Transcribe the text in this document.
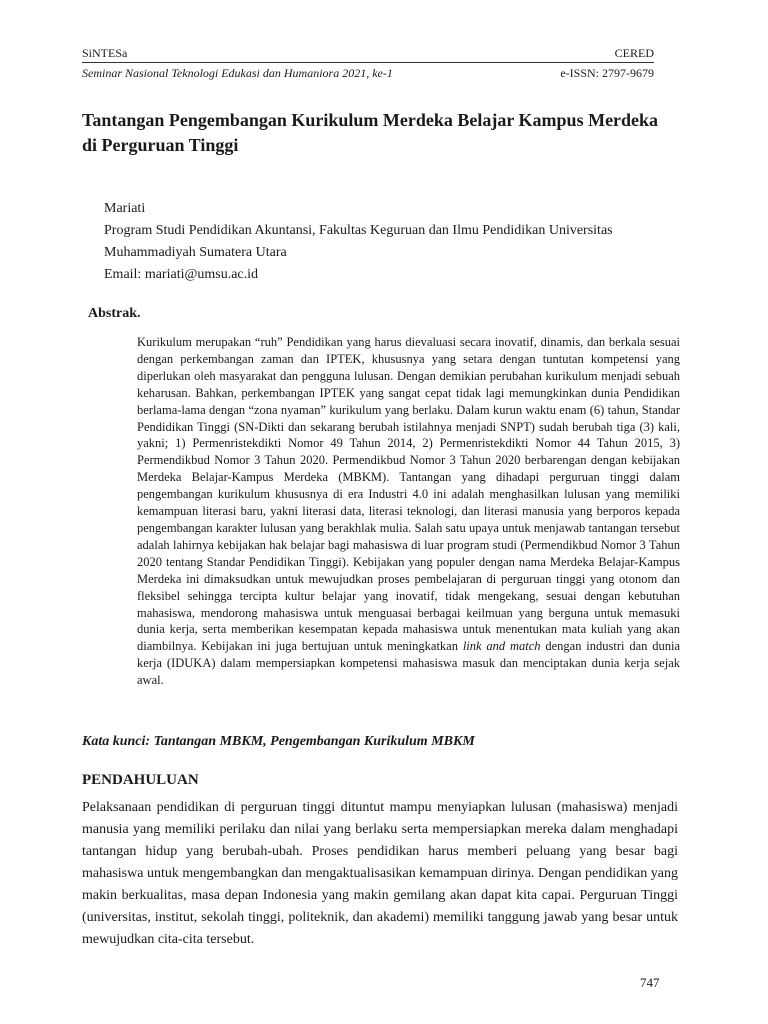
SiNTESa	CERED
Seminar Nasional Teknologi Edukasi dan Humaniora 2021, ke-1	e-ISSN: 2797-9679
Tantangan Pengembangan Kurikulum Merdeka Belajar Kampus Merdeka di Perguruan Tinggi
Mariati
Program Studi Pendidikan Akuntansi, Fakultas Keguruan dan Ilmu Pendidikan Universitas
Muhammadiyah Sumatera Utara
Email: mariati@umsu.ac.id
Abstrak.

Kurikulum merupakan “ruh” Pendidikan yang harus dievaluasi secara inovatif, dinamis, dan berkala sesuai dengan perkembangan zaman dan IPTEK, khususnya yang setara dengan tuntutan kompetensi yang diperlukan oleh masyarakat dan pengguna lulusan. Dengan demikian perubahan kurikulum menjadi sebuah keharusan. Bahkan, perkembangan IPTEK yang sangat cepat tidak lagi memungkinkan dunia Pendidikan berlama-lama dengan “zona nyaman” kurikulum yang berlaku. Dalam kurun waktu enam (6) tahun, Standar Pendidikan Tinggi (SN-Dikti dan sekarang berubah istilahnya menjadi SNPT) sudah berubah tiga (3) kali, yakni; 1) Permenristekdikti Nomor 49 Tahun 2014, 2) Permenristekdikti Nomor 44 Tahun 2015, 3) Permendikbud Nomor 3 Tahun 2020. Permendikbud Nomor 3 Tahun 2020 berbarengan dengan kebijakan Merdeka Belajar-Kampus Merdeka (MBKM). Tantangan yang dihadapi perguruan tinggi dalam pengembangan kurikulum khususnya di era Industri 4.0 ini adalah menghasilkan lulusan yang memiliki kemampuan literasi baru, yakni literasi data, literasi teknologi, dan literasi manusia yang berporos kepada pengembangan karakter lulusan yang berakhlak mulia. Salah satu upaya untuk menjawab tantangan tersebut adalah lahirnya kebijakan hak belajar bagi mahasiswa di luar program studi (Permendikbud Nomor 3 Tahun 2020 tentang Standar Pendidikan Tinggi). Kebijakan yang populer dengan nama Merdeka Belajar-Kampus Merdeka ini dimaksudkan untuk mewujudkan proses pembelajaran di perguruan tinggi yang otonom dan fleksibel sehingga tercipta kultur belajar yang inovatif, tidak mengekang, sesuai dengan kebutuhan mahasiswa, mendorong mahasiswa untuk menguasai berbagai keilmuan yang berguna untuk memasuki dunia kerja, serta memberikan kesempatan kepada mahasiswa untuk menentukan mata kuliah yang akan diambilnya. Kebijakan ini juga bertujuan untuk meningkatkan link and match dengan industri dan dunia kerja (IDUKA) dalam mempersiapkan kompetensi mahasiswa masuk dan menciptakan dunia kerja sejak awal.

Kata kunci: Tantangan MBKM, Pengembangan Kurikulum MBKM
PENDAHULUAN

Pelaksanaan pendidikan di perguruan tinggi dituntut mampu menyiapkan lulusan (mahasiswa) menjadi manusia yang memiliki perilaku dan nilai yang berlaku serta mempersiapkan mereka dalam menghadapi tantangan hidup yang berubah-ubah. Proses pendidikan harus memberi peluang yang besar bagi mahasiswa untuk mengembangkan dan mengaktualisasikan kemampuan dirinya. Dengan pendidikan yang makin berkualitas, masa depan Indonesia yang makin gemilang akan dapat kita capai. Perguruan Tinggi (universitas, institut, sekolah tinggi, politeknik, dan akademi) memiliki tanggung jawab yang besar untuk mewujudkan cita-cita tersebut.

747
